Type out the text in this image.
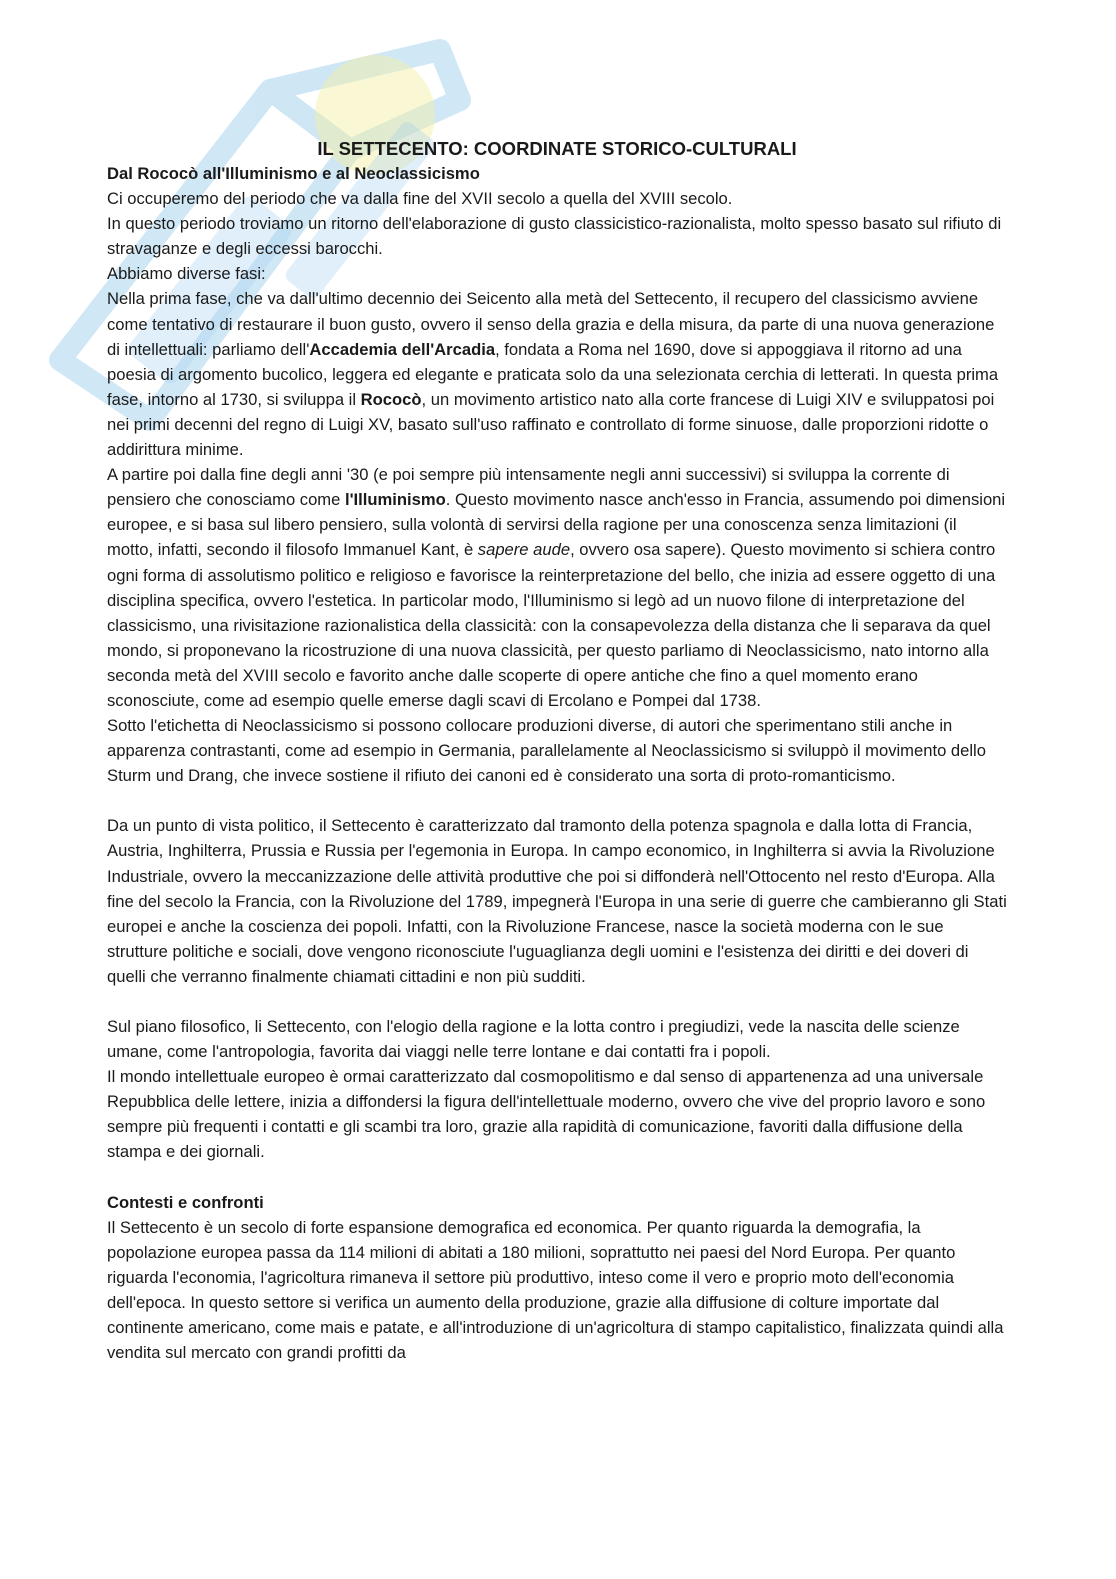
IL SETTECENTO: COORDINATE STORICO-CULTURALI

Dal Rococò all'Illuminismo e al Neoclassicismo

Ci occuperemo del periodo che va dalla fine del XVII secolo a quella del XVIII secolo.

In questo periodo troviamo un ritorno dell'elaborazione di gusto classicistico-razionalista, molto spesso basato sul rifiuto di stravaganze e degli eccessi barocchi.

Abbiamo diverse fasi:

Nella prima fase, che va dall'ultimo decennio dei Seicento alla metà del Settecento, il recupero del classicismo avviene come tentativo di restaurare il buon gusto, ovvero il senso della grazia e della misura, da parte di una nuova generazione di intellettuali: parliamo dell'Accademia dell'Arcadia, fondata a Roma nel 1690, dove si appoggiava il ritorno ad una poesia di argomento bucolico, leggera ed elegante e praticata solo da una selezionata cerchia di letterati. In questa prima fase, intorno al 1730, si sviluppa il Rococò, un movimento artistico nato alla corte francese di Luigi XIV e sviluppatosi poi nei primi decenni del regno di Luigi XV, basato sull'uso raffinato e controllato di forme sinuose, dalle proporzioni ridotte o addirittura minime.

A partire poi dalla fine degli anni '30 (e poi sempre più intensamente negli anni successivi) si sviluppa la corrente di pensiero che conosciamo come l'Illuminismo. Questo movimento nasce anch'esso in Francia, assumendo poi dimensioni europee, e si basa sul libero pensiero, sulla volontà di servirsi della ragione per una conoscenza senza limitazioni (il motto, infatti, secondo il filosofo Immanuel Kant, è sapere aude, ovvero osa sapere). Questo movimento si schiera contro ogni forma di assolutismo politico e religioso e favorisce la reinterpretazione del bello, che inizia ad essere oggetto di una disciplina specifica, ovvero l'estetica. In particolar modo, l'Illuminismo si legò ad un nuovo filone di interpretazione del classicismo, una rivisitazione razionalistica della classicità: con la consapevolezza della distanza che li separava da quel mondo, si proponevano la ricostruzione di una nuova classicità, per questo parliamo di Neoclassicismo, nato intorno alla seconda metà del XVIII secolo e favorito anche dalle scoperte di opere antiche che fino a quel momento erano sconosciute, come ad esempio quelle emerse dagli scavi di Ercolano e Pompei dal 1738.

Sotto l'etichetta di Neoclassicismo si possono collocare produzioni diverse, di autori che sperimentano stili anche in apparenza contrastanti, come ad esempio in Germania, parallelamente al Neoclassicismo si sviluppò il movimento dello Sturm und Drang, che invece sostiene il rifiuto dei canoni ed è considerato una sorta di proto-romanticismo.

Da un punto di vista politico, il Settecento è caratterizzato dal tramonto della potenza spagnola e dalla lotta di Francia, Austria, Inghilterra, Prussia e Russia per l'egemonia in Europa. In campo economico, in Inghilterra si avvia la Rivoluzione Industriale, ovvero la meccanizzazione delle attività produttive che poi si diffonderà nell'Ottocento nel resto d'Europa. Alla fine del secolo la Francia, con la Rivoluzione del 1789, impegnerà l'Europa in una serie di guerre che cambieranno gli Stati europei e anche la coscienza dei popoli. Infatti, con la Rivoluzione Francese, nasce la società moderna con le sue strutture politiche e sociali, dove vengono riconosciute l'uguaglianza degli uomini e l'esistenza dei diritti e dei doveri di quelli che verranno finalmente chiamati cittadini e non più sudditi.

Sul piano filosofico, li Settecento, con l'elogio della ragione e la lotta contro i pregiudizi, vede la nascita delle scienze umane, come l'antropologia, favorita dai viaggi nelle terre lontane e dai contatti fra i popoli.

Il mondo intellettuale europeo è ormai caratterizzato dal cosmopolitismo e dal senso di appartenenza ad una universale Repubblica delle lettere, inizia a diffondersi la figura dell'intellettuale moderno, ovvero che vive del proprio lavoro e sono sempre più frequenti i contatti e gli scambi tra loro, grazie alla rapidità di comunicazione, favoriti dalla diffusione della stampa e dei giornali.

Contesti e confronti

Il Settecento è un secolo di forte espansione demografica ed economica. Per quanto riguarda la demografia, la popolazione europea passa da 114 milioni di abitati a 180 milioni, soprattutto nei paesi del Nord Europa. Per quanto riguarda l'economia, l'agricoltura rimaneva il settore più produttivo, inteso come il vero e proprio moto dell'economia dell'epoca. In questo settore si verifica un aumento della produzione, grazie alla diffusione di colture importate dal continente americano, come mais e patate, e all'introduzione di un'agricoltura di stampo capitalistico, finalizzata quindi alla vendita sul mercato con grandi profitti da
